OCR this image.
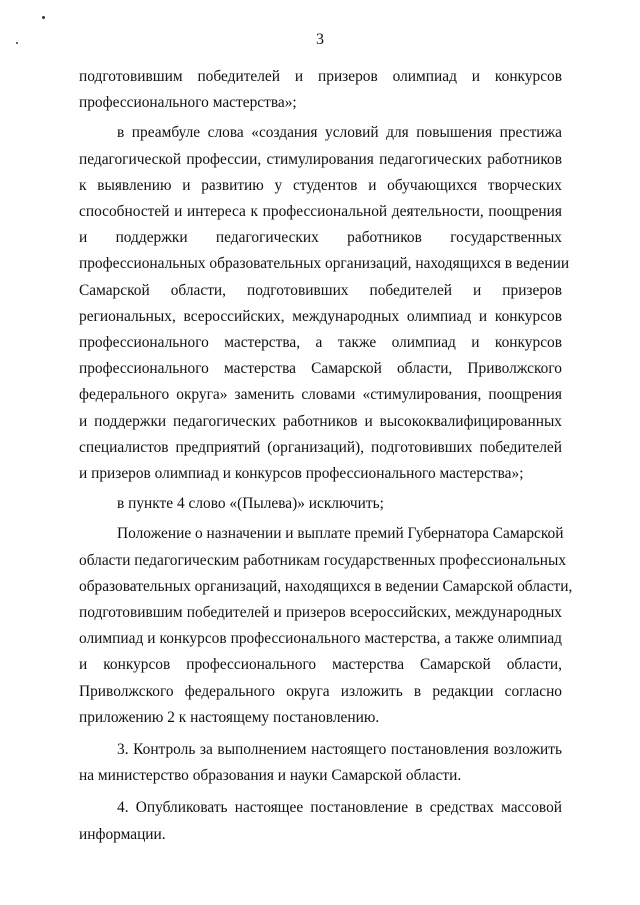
3
подготовившим победителей и призеров олимпиад и конкурсов
профессионального мастерства»;
в преамбуле слова «создания условий для повышения престижа
педагогической профессии, стимулирования педагогических работников
к выявлению и развитию у студентов и обучающихся творческих
способностей и интереса к профессиональной деятельности, поощрения
и поддержки педагогических работников государственных
профессиональных образовательных организаций, находящихся в ведении
Самарской области, подготовивших победителей и призеров
региональных, всероссийских, международных олимпиад и конкурсов
профессионального мастерства, а также олимпиад и конкурсов
профессионального мастерства Самарской области, Приволжского
федерального округа» заменить словами «стимулирования, поощрения
и поддержки педагогических работников и высококвалифицированных
специалистов предприятий (организаций), подготовивших победителей
и призеров олимпиад и конкурсов профессионального мастерства»;
в пункте 4 слово «(Пылева)» исключить;
Положение о назначении и выплате премий Губернатора Самарской
области педагогическим работникам государственных профессиональных
образовательных организаций, находящихся в ведении Самарской области,
подготовившим победителей и призеров всероссийских, международных
олимпиад и конкурсов профессионального мастерства, а также олимпиад
и конкурсов профессионального мастерства Самарской области,
Приволжского федерального округа изложить в редакции согласно
приложению 2 к настоящему постановлению.
3. Контроль за выполнением настоящего постановления возложить
на министерство образования и науки Самарской области.
4. Опубликовать настоящее постановление в средствах массовой
информации.
